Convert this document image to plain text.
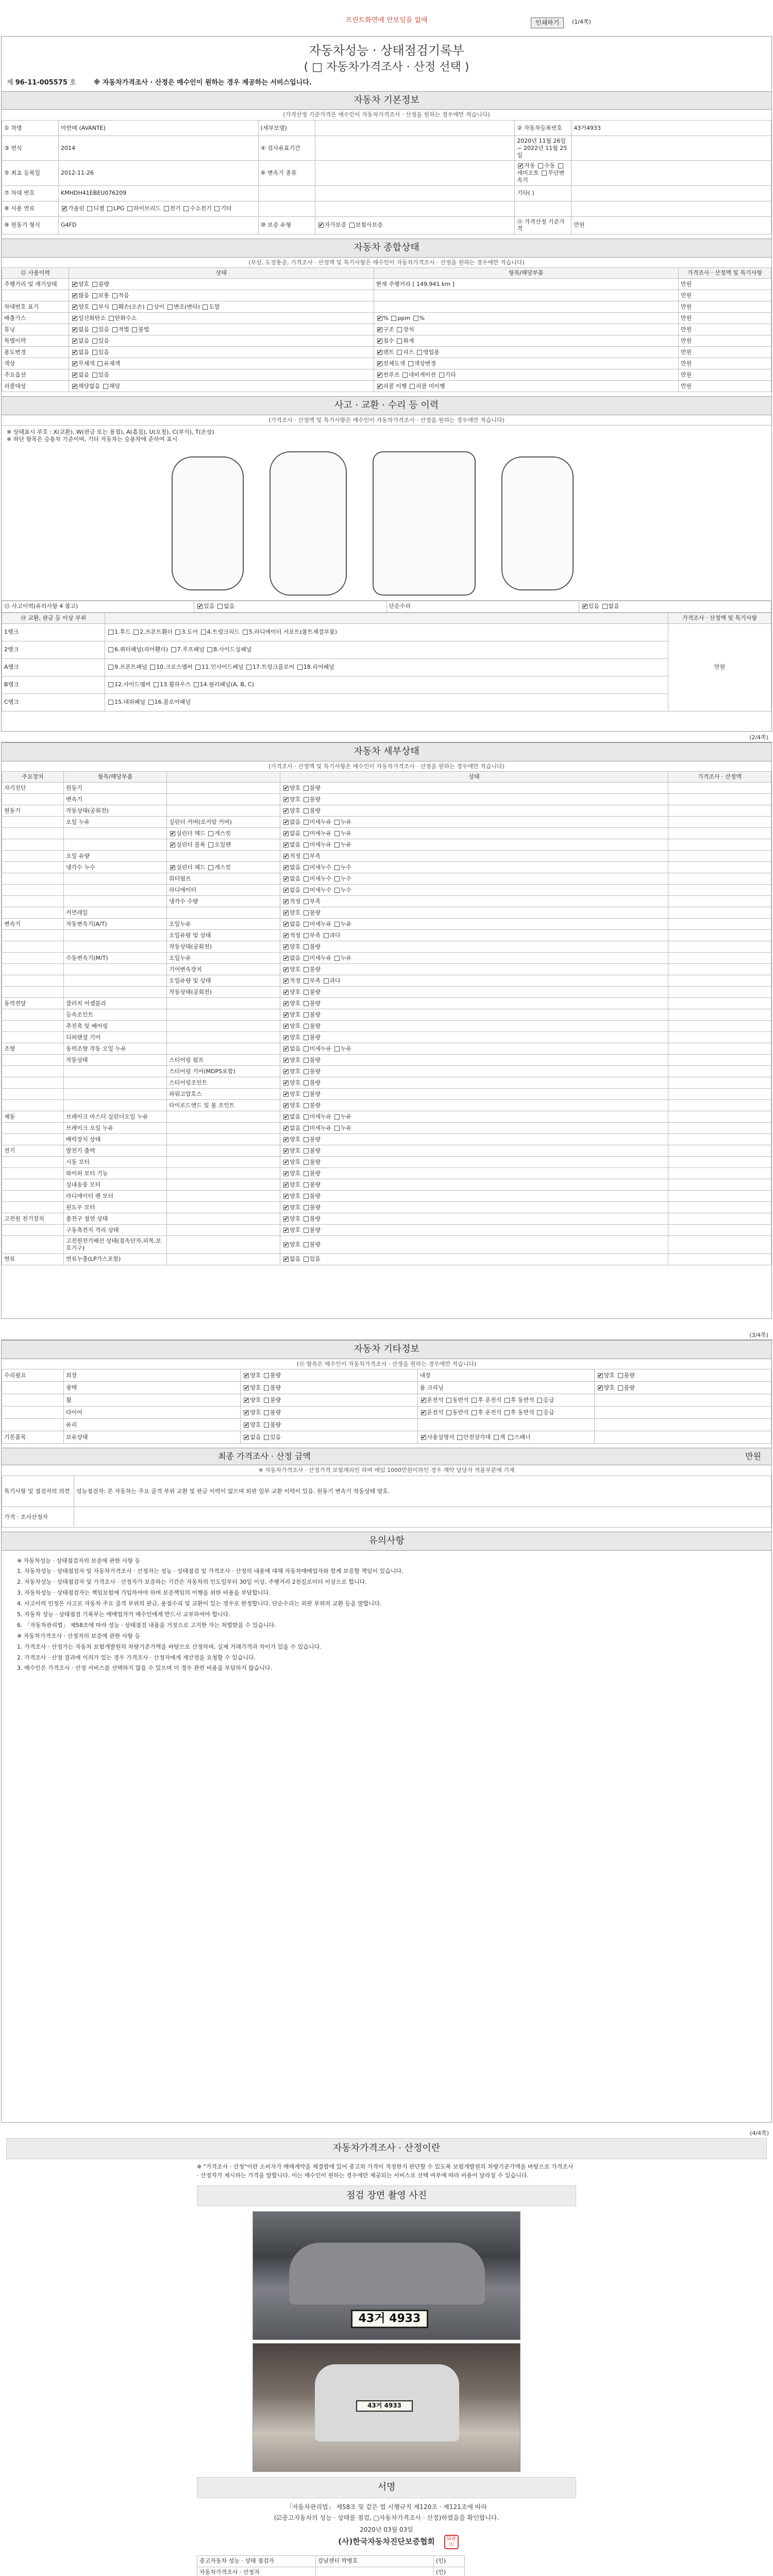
프린트화면에 안보임을 없애	인쇄하기	(1/4쪽)
자동차성능 · 상태점검기록부
( □ 자동차가격조사 · 산정 선택 )
제 96-11-005575 호	※ 자동차가격조사 · 산정은 매수인이 원하는 경우 제공하는 서비스입니다.
자동차 기본정보
(가격산정 기준가격은 매수인이 자동차가격조사 · 산정을 원하는 경우에만 적습니다)
① 차명	아반떼 (AVANTE)	(세부모델)		② 자동차등록번호	43거4933
③ 연식	2014	④ 검사유효기간		2020년 11월 26일 ~ 2022년 11월 25일	
⑤ 최초 등록일	2012-11-26	⑥ 변속기 종류		✔자동 수동 세미오토 무단변속기	
⑦ 차대 번호	KMHDH41EBEU076209			기타( )	
⑧ 사용 연료	✔가솔린 디젤 LPG 하이브리드 전기 수소전기 기타				
⑨ 원동기 형식	G4FD	⑩ 보증 유형	✔자가보증 보험사보증	⑪ 가격산정 기준가격	만원
자동차 종합상태
(부상, 도장통증, 가격조사 · 산정액 및 특기사항은 매수인이 자동차가격조사 · 산정을 원하는 경우에만 적습니다)
⑫ 사용이력	상태	항목/해당부품	가격조사 · 산정액 및 특기사항
주행거리 및 계기상태	✔양호 불량	현재 주행거리 [ 149,941 km ]	만원
	✔많음 보통 적음		만원
차대번호 표기	✔양호 부식 훼손(오손) 상이 변조(변타) 도말		만원
배출가스	✔일산화탄소 탄화수소	✔% ppm %	만원
튜닝	✔없음 있음 적법 불법	✔구조 장치	만원
특별이력	✔없음 있음	✔침수 화재	만원
용도변경	✔없음 있음	✔렌트 리스 영업용	만원
색상	✔무채색 유채색	✔전체도색 색상변경	만원
주요옵션	✔없음 있음	✔썬루프 네비게이션 기타	만원
리콜대상	✔해당없음 해당	✔리콜 이행 리콜 미이행	만원
사고 · 교환 · 수리 등 이력
(가격조사 · 산정액 및 특기사항은 매수인이 자동차가격조사 · 산정을 원하는 경우에만 적습니다)
※ 상태표시 부호 : X(교환), W(판금 또는 용접), A(흠집), U(요철), C(부식), T(손상)
※ 하단 항목은 승용차 기준이며, 기타 자동차는 승용차에 준하여 표시
⑬ 사고이력(유의사항 4 참고)	✔있음 없음	단순수리	✔있음 없음
⑭ 교환, 판금 등 이상 부위		가격조사 · 산정액 및 특기사항
1랭크	1.후드 2.프론트휀더 3.도어 4.트렁크리드 5.라디에이터 서포트(볼트체결부품)	만원
2랭크	6.쿼터패널(리어휀더) 7.루프패널 8.사이드실패널	
A랭크	9.프론트패널 10.크로스멤버 11.인사이드패널 17.트렁크플로어 18.리어패널	
B랭크	12.사이드멤버 13.휠하우스 14.필러패널(A, B, C)	
C랭크	15.대쉬패널 16.플로어패널	
(2/4쪽)
자동차 세부상태
(가격조사 · 산정액 및 특기사항은 매수인이 자동차가격조사 · 산정을 원하는 경우에만 적습니다)
주요장치	항목/해당부품		상태	가격조사 · 산정액
자기진단	원동기		✔양호 불량	
	변속기		✔양호 불량	
원동기	작동상태(공회전)		✔양호 불량	
	오일 누유	실린더 커버(로커암 커버)	✔없음 미세누유 누유	
		✔실린더 헤드 개스킷	✔없음 미세누유 누유	
		✔실린더 블록 오일팬	✔없음 미세누유 누유	
	오일 유량		✔적정 부족	
	냉각수 누수	✔실린더 헤드 개스킷	✔없음 미세누수 누수	
		워터펌프	✔없음 미세누수 누수	
		라디에이터	✔없음 미세누수 누수	
		냉각수 수량	✔적정 부족	
	커먼레일		✔양호 불량	
변속기	자동변속기(A/T)	오일누유	✔없음 미세누유 누유	
		오일유량 및 상태	✔적정 부족 과다	
		작동상태(공회전)	✔양호 불량	
	수동변속기(M/T)	오일누유	✔없음 미세누유 누유	
		기어변속장치	✔양호 불량	
		오일유량 및 상태	✔적정 부족 과다	
		작동상태(공회전)	✔양호 불량	
동력전달	클러치 어셈블리		✔양호 불량	
	등속조인트		✔양호 불량	
	추진축 및 베어링		✔양호 불량	
	디퍼렌셜 기어		✔양호 불량	
조향	동력조향 작동 오일 누유		✔없음 미세누유 누유	
	작동상태	스티어링 펌프	✔양호 불량	
		스티어링 기어(MDPS포함)	✔양호 불량	
		스티어링조인트	✔양호 불량	
		파워고압호스	✔양호 불량	
		타이로드엔드 및 볼 조인트	✔양호 불량	
제동	브레이크 마스터 실린더오일 누유		✔없음 미세누유 누유	
	브레이크 오일 누유		✔없음 미세누유 누유	
	배력장치 상태		✔양호 불량	
전기	발전기 출력		✔양호 불량	
	시동 모터		✔양호 불량	
	와이퍼 모터 기능		✔양호 불량	
	실내송풍 모터		✔양호 불량	
	라디에이터 팬 모터		✔양호 불량	
	윈도우 모터		✔양호 불량	
고전원 전기장치	충전구 절연 상태		✔양호 불량	
	구동축전지 격리 상태		✔양호 불량	
	고전원전기배선 상태(접속단자,피복,보호기구)		✔양호 불량	
연료	연료누출(LP가스포함)		✔없음 있음	
(3/4쪽)
자동차 기타정보
(⑮ 항목은 매수인이 자동차가격조사 · 산정을 원하는 경우에만 적습니다)
수리필요	외장	✔양호 불량	내장	✔양호 불량
	광택	✔양호 불량	룸 크리닝	✔양호 불량
	휠	✔양호 불량	✔운전석 동반석 후 운전석 후 동반석 응급	
	타이어	✔양호 불량	✔운전석 동반석 후 운전석 후 동반석 응급	
	유리	✔양호 불량		
기본품목	보유상태	✔없음 있음	✔사용설명서 안전삼각대 잭 스패너	
최종 가격조사 · 산정 금액	만원
※ 자동차가격조사 · 산정가격 보험계리인 하며 매입 1000만원이하인 경우 계약 담당자 적용부분에 기재
특기사항 및 점검자의 의견	성능점검자: 본 자동차는 주요 골격 부위 교환 및 판금 이력이 없으며 외판 일부 교환 이력이 있음. 원동기 변속기 작동상태 양호.
가격 · 조사산정자	
유의사항
※ 자동차성능 · 상태점검자의 보증에 관한 사항 등
1. 자동차성능 · 상태점검자 및 자동차가격조사 · 산정자는 성능 · 상태점검 및 가격조사 · 산정의 내용에 대해 자동차매매업자와 함께 보증할 책임이 있습니다.
2. 자동차성능 · 상태점검자 및 가격조사 · 산정자가 보증하는 기간은 자동차의 인도일부터 30일 이상, 주행거리 2천킬로미터 이상으로 합니다.
3. 자동차성능 · 상태점검자는 책임보험에 가입하여야 하며 보증책임의 이행을 위한 비용을 부담합니다.
4. 사고이력 인정은 사고로 자동차 주요 골격 부위의 판금, 용접수리 및 교환이 있는 경우로 한정합니다. 단순수리는 외판 부위의 교환 등을 말합니다.
5. 자동차 성능 · 상태점검 기록부는 매매업자가 매수인에게 반드시 교부하여야 합니다.
6. 「자동차관리법」 제58조에 따라 성능 · 상태점검 내용을 거짓으로 고지한 자는 처벌받을 수 있습니다.
※ 자동차가격조사 · 산정자의 보증에 관한 사항 등
1. 가격조사 · 산정가는 자동차 보험개발원의 차량기준가액을 바탕으로 산정하며, 실제 거래가격과 차이가 있을 수 있습니다.
2. 가격조사 · 산정 결과에 이의가 있는 경우 가격조사 · 산정자에게 재산정을 요청할 수 있습니다.
3. 매수인은 가격조사 · 산정 서비스를 선택하지 않을 수 있으며 이 경우 관련 비용을 부담하지 않습니다.
(4/4쪽)
자동차가격조사 · 산정이란
※ "가격조사 · 산정"이란 소비자가 매매계약을 체결함에 있어 중고차 가격이 적정한지 판단할 수 있도록 보험개발원의 차량기준가액을 바탕으로 가격조사 · 산정자가 제시하는 가격을 말합니다. 이는 매수인이 원하는 경우에만 제공되는 서비스로 선택 여부에 따라 비용이 달라질 수 있습니다.
점검 장면 촬영 사진
43거 4933
43거 4933
서명
「자동차관리법」 제58조 및 같은 법 시행규칙 제120조 · 제121조에 따라
(☑중고자동차의 성능 · 상태를 점검, □자동차가격조사 · 산정)하였음을 확인합니다.
2020년 03월 03일
(사)한국자동차진단보증협회	協會
印
중고자동차 성능 · 상태 점검자	강남센터 박병호	(인)
자동차가격조사 · 산정자		(인)
